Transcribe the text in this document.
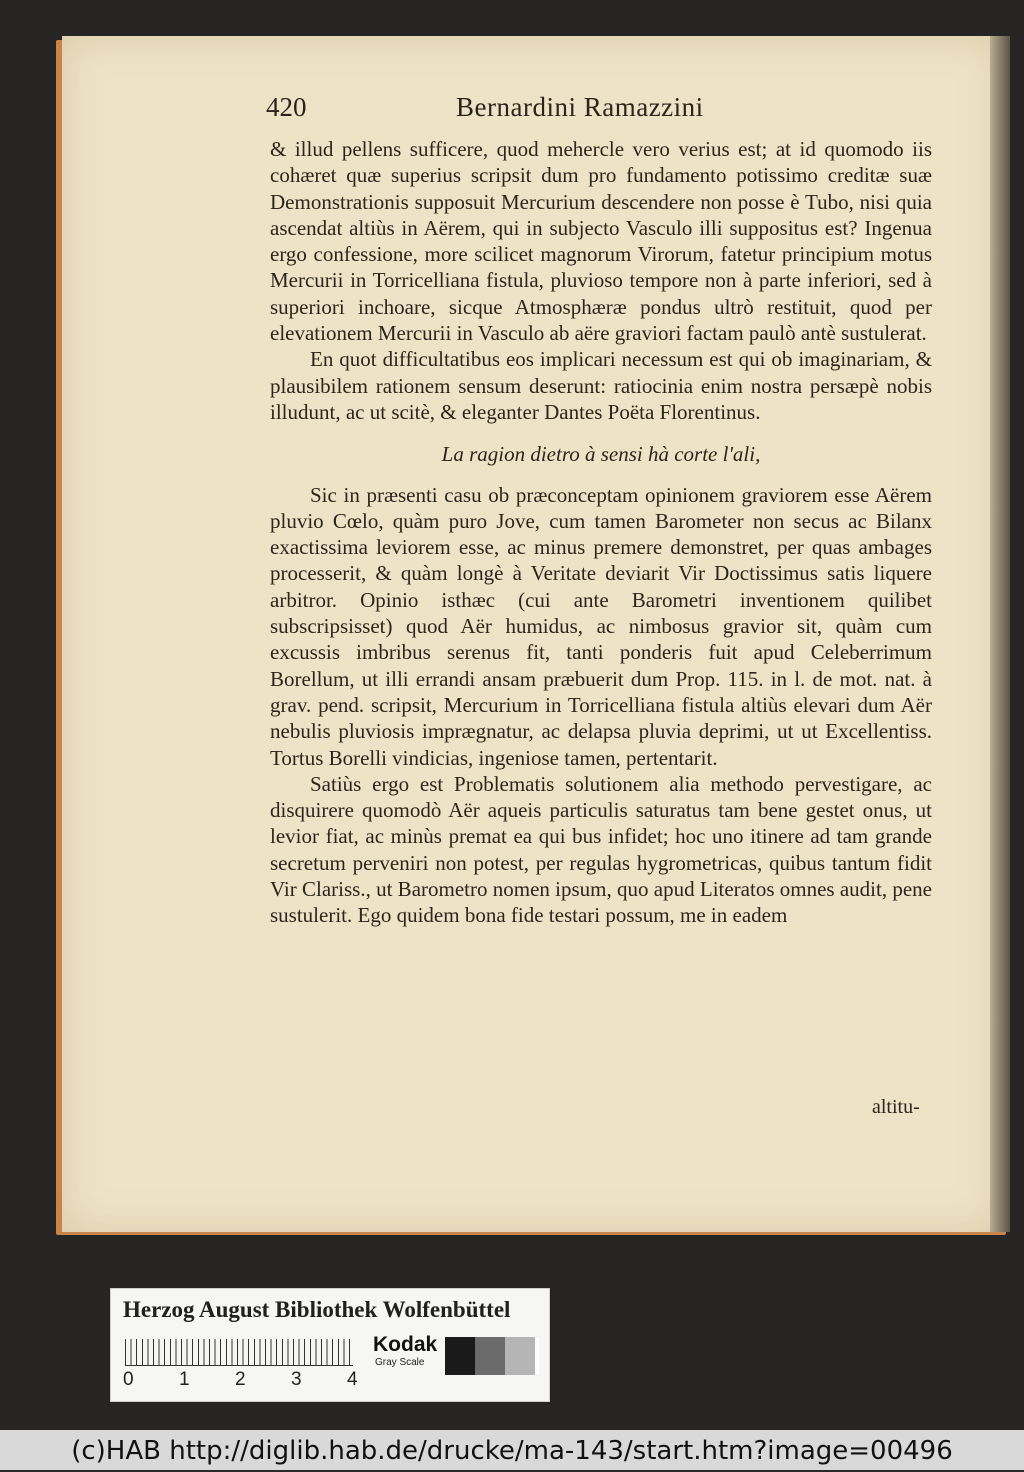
420	Bernardini Ramazzini

& illud pellens sufficere, quod mehercle vero verius est; at id quomodo iis cohæret quæ superius scripsit dum pro fundamento potissimo creditæ suæ Demonstrationis supposuit Mercurium descendere non posse è Tubo, nisi quia ascendat altiùs in Aërem, qui in subjecto Vasculo illi suppositus est? Ingenua ergo confessione, more scilicet magnorum Virorum, fatetur principium motus Mercurii in Torricelliana fistula, pluvioso tempore non à parte inferiori, sed à superiori inchoare, sicque Atmosphæræ pondus ultrò restituit, quod per elevationem Mercurii in Vasculo ab aëre graviori factam paulò antè sustulerat.

En quot difficultatibus eos implicari necessum est qui ob imaginariam, & plausibilem rationem sensum deserunt: ratiocinia enim nostra persæpè nobis illudunt, ac ut scitè, & eleganter Dantes Poëta Florentinus.

La ragion dietro à sensi hà corte l'ali,

Sic in præsenti casu ob præconceptam opinionem graviorem esse Aërem pluvio Cœlo, quàm puro Jove, cum tamen Barometer non secus ac Bilanx exactissima leviorem esse, ac minus premere demonstret, per quas ambages processerit, & quàm longè à Veritate deviarit Vir Doctissimus satis liquere arbitror. Opinio isthæc (cui ante Barometri inventionem quilibet subscripsisset) quod Aër humidus, ac nimbosus gravior sit, quàm cum excussis imbribus serenus fit, tanti ponderis fuit apud Celeberrimum Borellum, ut illi errandi ansam præbuerit dum Prop. 115. in l. de mot. nat. à grav. pend. scripsit, Mercurium in Torricelliana fistula altiùs elevari dum Aër nebulis pluviosis imprægnatur, ac delapsa pluvia deprimi, ut ut Excellentiss. Tortus Borelli vindicias, ingeniose tamen, pertentarit.

Satiùs ergo est Problematis solutionem alia methodo pervestigare, ac disquirere quomodò Aër aqueis particulis saturatus tam bene gestet onus, ut levior fiat, ac minùs premat ea qui bus infidet; hoc uno itinere ad tam grande secretum perveniri non potest, per regulas hygrometricas, quibus tantum fidit Vir Clariss., ut Barometro nomen ipsum, quo apud Literatos omnes audit, pene sustulerit. Ego quidem bona fide testari possum, me in eadem

altitu-
Herzog August Bibliothek Wolfenbüttel
0 1 2 3 4
Kodak
Gray Scale
(c)HAB http://diglib.hab.de/drucke/ma-143/start.htm?image=00496
